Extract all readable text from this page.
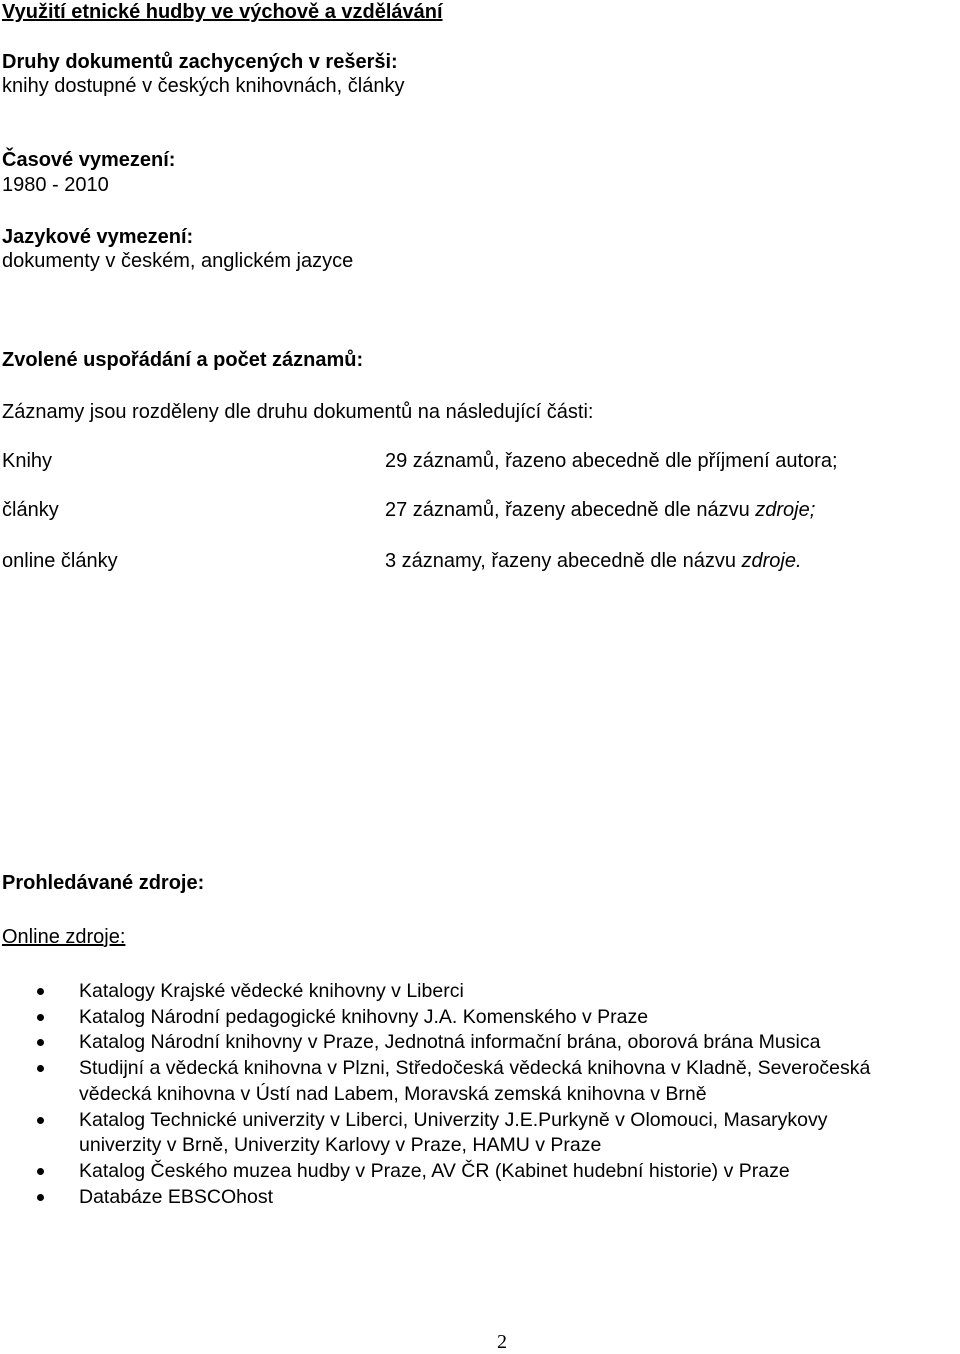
Využití etnické hudby ve výchově a vzdělávání
Druhy dokumentů zachycených v rešerši:
knihy dostupné v českých knihovnách, články
Časové vymezení:
1980 - 2010
Jazykové vymezení:
dokumenty v českém, anglickém jazyce
Zvolené uspořádání a počet záznamů:
Záznamy jsou rozděleny dle druhu dokumentů na následující části:
Knihy	29 záznamů, řazeno abecedně dle příjmení autora;
články	27 záznamů, řazeny abecedně dle názvu zdroje;
online články	3 záznamy, řazeny abecedně dle názvu zdroje.
Prohledávané zdroje:
Online zdroje:
Katalogy Krajské vědecké knihovny v Liberci
Katalog Národní pedagogické knihovny J.A. Komenského v Praze
Katalog Národní knihovny v Praze, Jednotná informační brána, oborová brána Musica
Studijní a vědecká knihovna v Plzni, Středočeská vědecká knihovna v Kladně, Severočeská
vědecká knihovna v Ústí nad Labem, Moravská zemská knihovna v Brně
Katalog Technické univerzity v Liberci, Univerzity J.E.Purkyně v Olomouci, Masarykovy
univerzity v Brně, Univerzity Karlovy v Praze, HAMU v Praze
Katalog Českého muzea hudby v Praze, AV ČR (Kabinet hudební historie) v Praze
Databáze EBSCOhost
2
